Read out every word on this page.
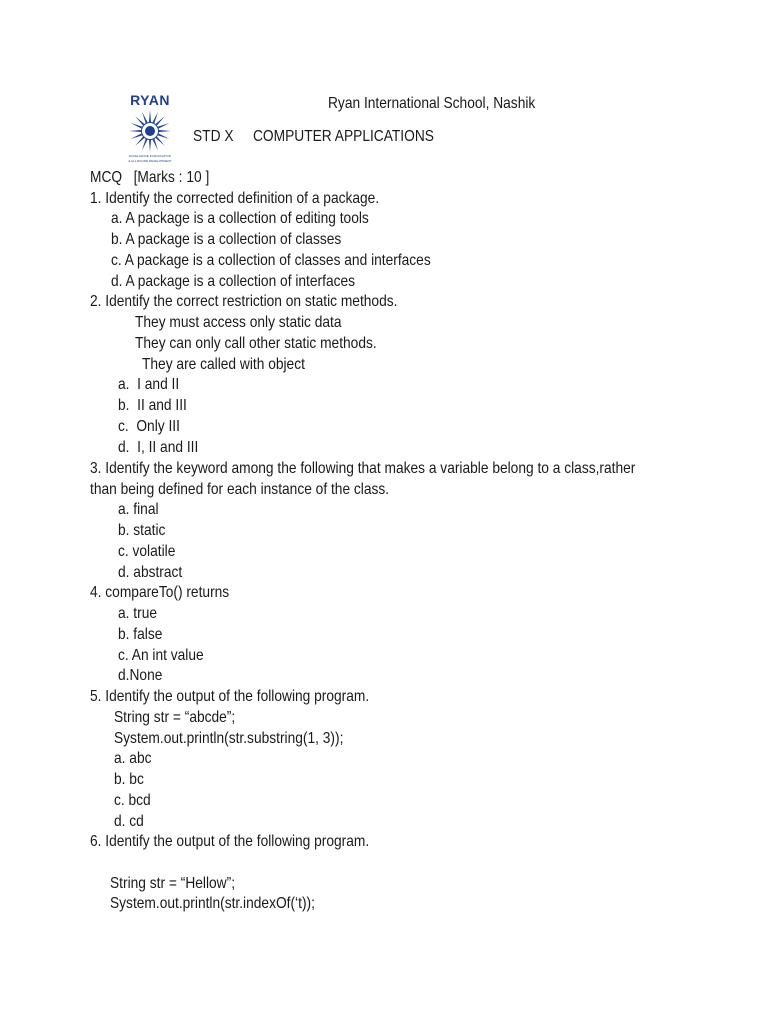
RYAN
EXCELLENCE IN EDUCATION
& ALL ROUND DEVELOPMENT
Ryan International School, Nashik
STD X COMPUTER APPLICATIONS
MCQ   [Marks : 10 ]
1. Identify the corrected definition of a package.
a. A package is a collection of editing tools
b. A package is a collection of classes
c. A package is a collection of classes and interfaces
d. A package is a collection of interfaces
2. Identify the correct restriction on static methods.
They must access only static data
They can only call other static methods.
They are called with object
a.  I and II
b.  II and III
c.  Only III
d.  I, II and III
3. Identify the keyword among the following that makes a variable belong to a class,rather
than being defined for each instance of the class.
a. final
b. static
c. volatile
d. abstract
4. compareTo() returns
a. true
b. false
c. An int value
d.None
5. Identify the output of the following program.
String str = “abcde”;
System.out.println(str.substring(1, 3));
a. abc
b. bc
c. bcd
d. cd
6. Identify the output of the following program.
String str = “Hellow”;
System.out.println(str.indexOf(‘t));
